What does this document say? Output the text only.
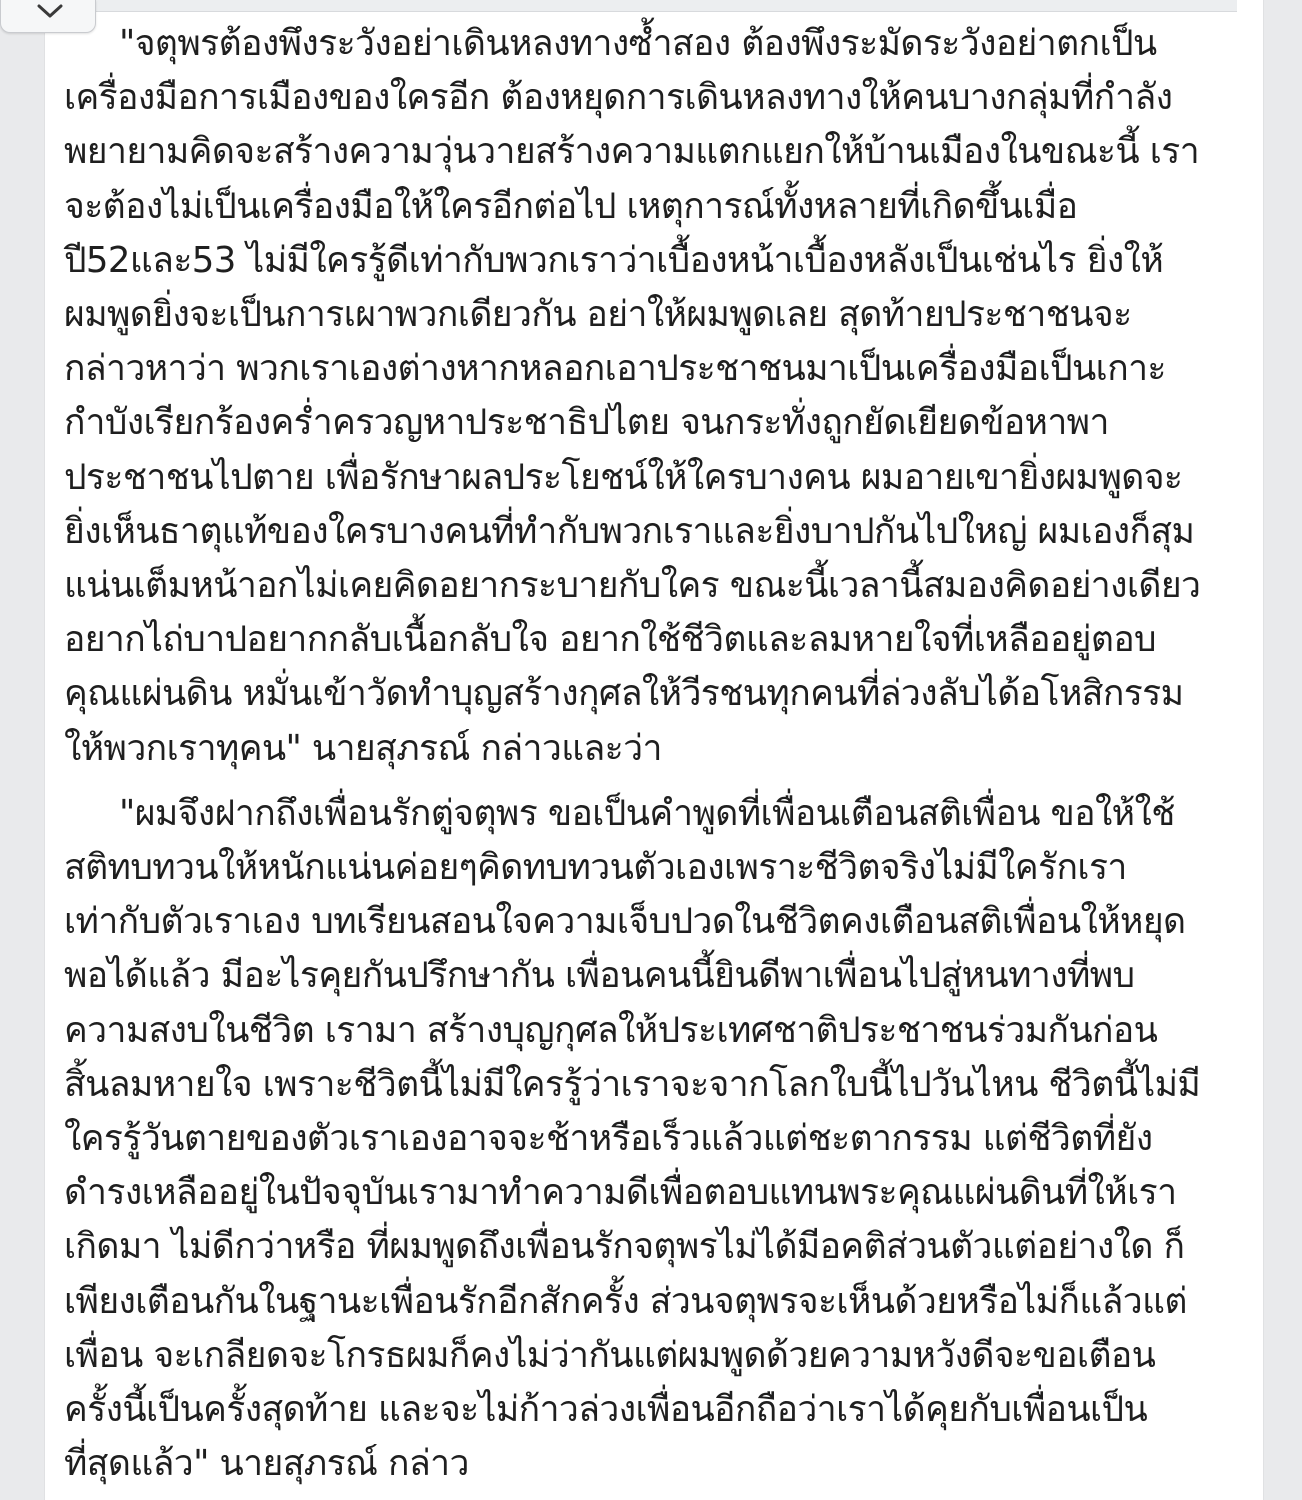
"จตุพรต้องพึงระวังอย่าเดินหลงทางซ้ำสอง ต้องพึงระมัดระวังอย่าตกเป็น
เครื่องมือการเมืองของใครอีก ต้องหยุดการเดินหลงทางให้คนบางกลุ่มที่กำลัง
พยายามคิดจะสร้างความวุ่นวายสร้างความแตกแยกให้บ้านเมืองในขณะนี้ เรา
จะต้องไม่เป็นเครื่องมือให้ใครอีกต่อไป เหตุการณ์ทั้งหลายที่เกิดขึ้นเมื่อ
ปี52และ53 ไม่มีใครรู้ดีเท่ากับพวกเราว่าเบื้องหน้าเบื้องหลังเป็นเช่นไร ยิ่งให้
ผมพูดยิ่งจะเป็นการเผาพวกเดียวกัน อย่าให้ผมพูดเลย สุดท้ายประชาชนจะ
กล่าวหาว่า พวกเราเองต่างหากหลอกเอาประชาชนมาเป็นเครื่องมือเป็นเกาะ
กำบังเรียกร้องคร่ำครวญหาประชาธิปไตย จนกระทั่งถูกยัดเยียดข้อหาพา
ประชาชนไปตาย เพื่อรักษาผลประโยชน์ให้ใครบางคน ผมอายเขายิ่งผมพูดจะ
ยิ่งเห็นธาตุแท้ของใครบางคนที่ทำกับพวกเราและยิ่งบาปกันไปใหญ่ ผมเองก็สุม
แน่นเต็มหน้าอกไม่เคยคิดอยากระบายกับใคร ขณะนี้เวลานี้สมองคิดอย่างเดียว
อยากไถ่บาปอยากกลับเนื้อกลับใจ อยากใช้ชีวิตและลมหายใจที่เหลืออยู่ตอบ
คุณแผ่นดิน หมั่นเข้าวัดทำบุญสร้างกุศลให้วีรชนทุกคนที่ล่วงลับได้อโหสิกรรม
ให้พวกเราทุคน" นายสุภรณ์ กล่าวและว่า

"ผมจึงฝากถึงเพื่อนรักตู่จตุพร ขอเป็นคำพูดที่เพื่อนเตือนสติเพื่อน ขอให้ใช้
สติทบทวนให้หนักแน่นค่อยๆคิดทบทวนตัวเองเพราะชีวิตจริงไม่มีใครักเรา
เท่ากับตัวเราเอง บทเรียนสอนใจความเจ็บปวดในชีวิตคงเตือนสติเพื่อนให้หยุด
พอได้แล้ว มีอะไรคุยกันปรึกษากัน เพื่อนคนนี้ยินดีพาเพื่อนไปสู่หนทางที่พบ
ความสงบในชีวิต เรามา สร้างบุญกุศลให้ประเทศชาติประชาชนร่วมกันก่อน
สิ้นลมหายใจ เพราะชีวิตนี้ไม่มีใครรู้ว่าเราจะจากโลกใบนี้ไปวันไหน ชีวิตนี้ไม่มี
ใครรู้วันตายของตัวเราเองอาจจะช้าหรือเร็วแล้วแต่ชะตากรรม แต่ชีวิตที่ยัง
ดำรงเหลืออยู่ในปัจจุบันเรามาทำความดีเพื่อตอบแทนพระคุณแผ่นดินที่ให้เรา
เกิดมา ไม่ดีกว่าหรือ ที่ผมพูดถึงเพื่อนรักจตุพรไม่ได้มีอคติส่วนตัวแต่อย่างใด ก็
เพียงเตือนกันในฐานะเพื่อนรักอีกสักครั้ง ส่วนจตุพรจะเห็นด้วยหรือไม่ก็แล้วแต่
เพื่อน จะเกลียดจะโกรธผมก็คงไม่ว่ากันแต่ผมพูดด้วยความหวังดีจะขอเตือน
ครั้งนี้เป็นครั้งสุดท้าย และจะไม่ก้าวล่วงเพื่อนอีกถือว่าเราได้คุยกับเพื่อนเป็น
ที่สุดแล้ว" นายสุภรณ์ กล่าว
